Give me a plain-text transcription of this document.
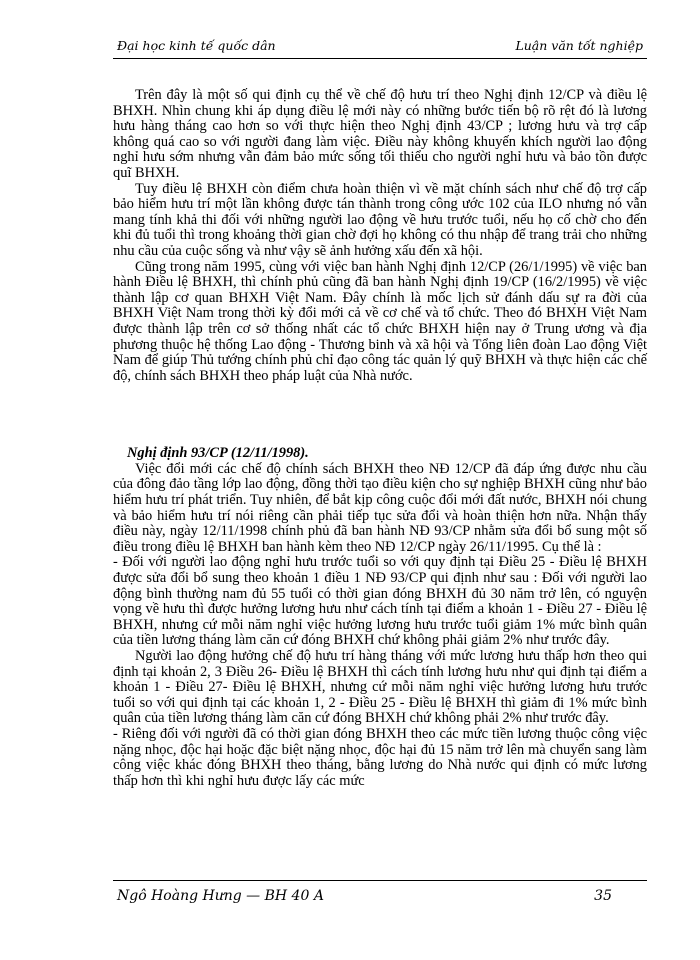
Đại học kinh tế quốc dân	Luận văn tốt nghiệp

Trên đây là một số qui định cụ thể về chế độ hưu trí theo Nghị định 12/CP và điều lệ BHXH. Nhìn chung khi áp dụng điều lệ mới này có những bước tiến bộ rõ rệt đó là lương hưu hàng tháng cao hơn so với thực hiện theo Nghị định 43/CP ; lương hưu và trợ cấp không quá cao so với người đang làm việc. Điều này không khuyến khích người lao động nghỉ hưu sớm nhưng vẫn đảm bảo mức sống tối thiểu cho người nghỉ hưu và bảo tồn được quĩ BHXH.

Tuy điều lệ BHXH còn điểm chưa hoàn thiện vì về mặt chính sách như chế độ trợ cấp bảo hiểm hưu trí một lần không được tán thành trong công ước 102 của ILO nhưng nó vẫn mang tính khả thi đối với những người lao động về hưu trước tuổi, nếu họ cố chờ cho đến khi đủ tuổi thì trong khoảng thời gian chờ đợi họ không có thu nhập để trang trải cho những nhu cầu của cuộc sống và như vậy sẽ ảnh hưởng xấu đến xã hội.

Cũng trong năm 1995, cùng với việc ban hành Nghị định 12/CP (26/1/1995) về việc ban hành Điều lệ BHXH, thì chính phủ cũng đã ban hành Nghị định 19/CP (16/2/1995) về việc thành lập cơ quan BHXH Việt Nam. Đây chính là mốc lịch sử đánh dấu sự ra đời của BHXH Việt Nam trong thời kỳ đổi mới cả về cơ chế và tổ chức. Theo đó BHXH Việt Nam được thành lập trên cơ sở thống nhất các tổ chức BHXH hiện nay ở Trung ương và địa phương thuộc hệ thống Lao động - Thương binh và xã hội và Tổng liên đoàn Lao động Việt Nam để giúp Thủ tướng chính phủ chỉ đạo công tác quản lý quỹ BHXH và thực hiện các chế độ, chính sách BHXH theo pháp luật của Nhà nước.

Nghị định 93/CP (12/11/1998).

Việc đổi mới các chế độ chính sách BHXH theo NĐ 12/CP đã đáp ứng được nhu cầu của đông đảo tầng lớp lao động, đồng thời tạo điều kiện cho sự nghiệp BHXH cũng như bảo hiểm hưu trí phát triển. Tuy nhiên, để bắt kịp công cuộc đổi mới đất nước, BHXH nói chung và bảo hiểm hưu trí nói riêng cần phải tiếp tục sửa đổi và hoàn thiện hơn nữa. Nhận thấy điều này, ngày 12/11/1998 chính phủ đã ban hành NĐ 93/CP nhằm sửa đổi bổ sung một số điều trong điều lệ BHXH ban hành kèm theo NĐ 12/CP ngày 26/11/1995. Cụ thể là :

- Đối với người lao động nghỉ hưu trước tuổi so với quy định tại Điều 25 - Điều lệ BHXH được sửa đổi bổ sung theo khoản 1 điều 1 NĐ 93/CP qui định như sau : Đối với người lao động bình thường nam đủ 55 tuổi có thời gian đóng BHXH đủ 30 năm trở lên, có nguyện vọng về hưu thì được hưởng lương hưu như cách tính tại điểm a khoản 1 - Điều 27 - Điều lệ BHXH, nhưng cứ mỗi năm nghỉ việc hưởng lương hưu trước tuổi giảm 1% mức bình quân của tiền lương tháng làm căn cứ đóng BHXH chứ không phải giảm 2% như trước đây.

Người lao động hưởng chế độ hưu trí hàng tháng với mức lương hưu thấp hơn theo qui định tại khoản 2, 3 Điều 26- Điều lệ BHXH thì cách tính lương hưu như qui định tại điểm a khoản 1 - Điều 27- Điều lệ BHXH, nhưng cứ mỗi năm nghỉ việc hưởng lương hưu trước tuổi so với qui định tại các khoản 1, 2 - Điều 25 - Điều lệ BHXH thì giảm đi 1% mức bình quân của tiền lương tháng làm căn cứ đóng BHXH chứ không phải 2% như trước đây.

- Riêng đối với người đã có thời gian đóng BHXH theo các mức tiền lương thuộc công việc nặng nhọc, độc hại hoặc đặc biệt nặng nhọc, độc hại đủ 15 năm trở lên mà chuyển sang làm công việc khác đóng BHXH theo tháng, bằng lương do Nhà nước qui định có mức lương thấp hơn thì khi nghỉ hưu được lấy các mức

Ngô Hoàng Hưng — BH 40 A	35
